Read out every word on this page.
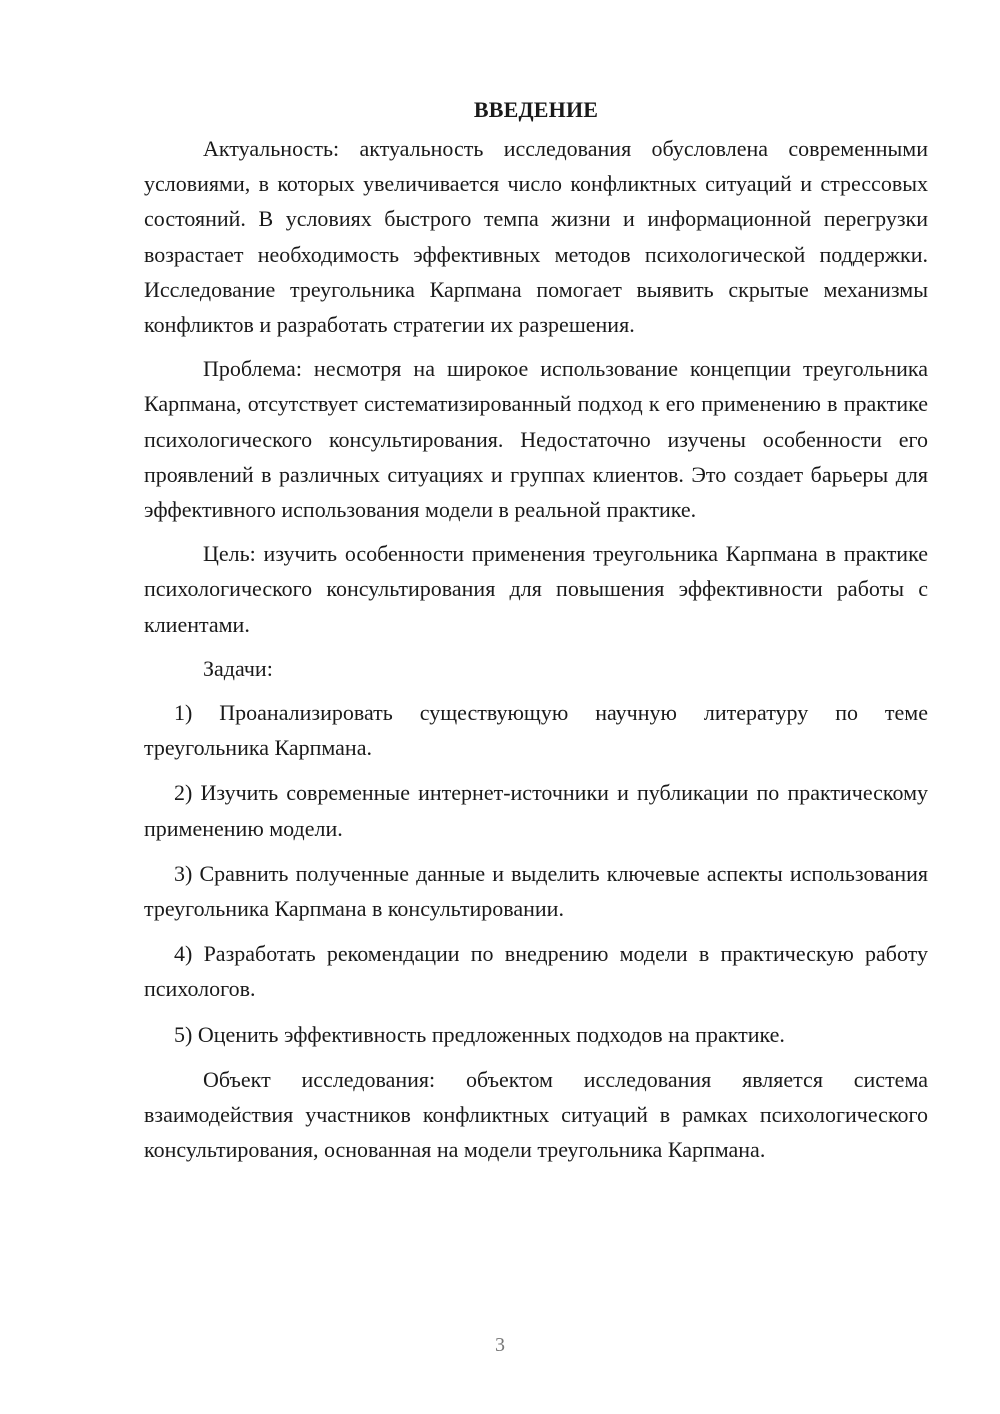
ВВЕДЕНИЕ

Актуальность: актуальность исследования обусловлена современными условиями, в которых увеличивается число конфликтных ситуаций и стрессовых состояний. В условиях быстрого темпа жизни и информационной перегрузки возрастает необходимость эффективных методов психологической поддержки. Исследование треугольника Карпмана помогает выявить скрытые механизмы конфликтов и разработать стратегии их разрешения.

Проблема: несмотря на широкое использование концепции треугольника Карпмана, отсутствует систематизированный подход к его применению в практике психологического консультирования. Недостаточно изучены особенности его проявлений в различных ситуациях и группах клиентов. Это создает барьеры для эффективного использования модели в реальной практике.

Цель: изучить особенности применения треугольника Карпмана в практике психологического консультирования для повышения эффективности работы с клиентами.

Задачи:

1) Проанализировать существующую научную литературу по теме треугольника Карпмана.

2) Изучить современные интернет-источники и публикации по практическому применению модели.

3) Сравнить полученные данные и выделить ключевые аспекты использования треугольника Карпмана в консультировании.

4) Разработать рекомендации по внедрению модели в практическую работу психологов.

5) Оценить эффективность предложенных подходов на практике.

Объект исследования: объектом исследования является система взаимодействия участников конфликтных ситуаций в рамках психологического консультирования, основанная на модели треугольника Карпмана.

3
